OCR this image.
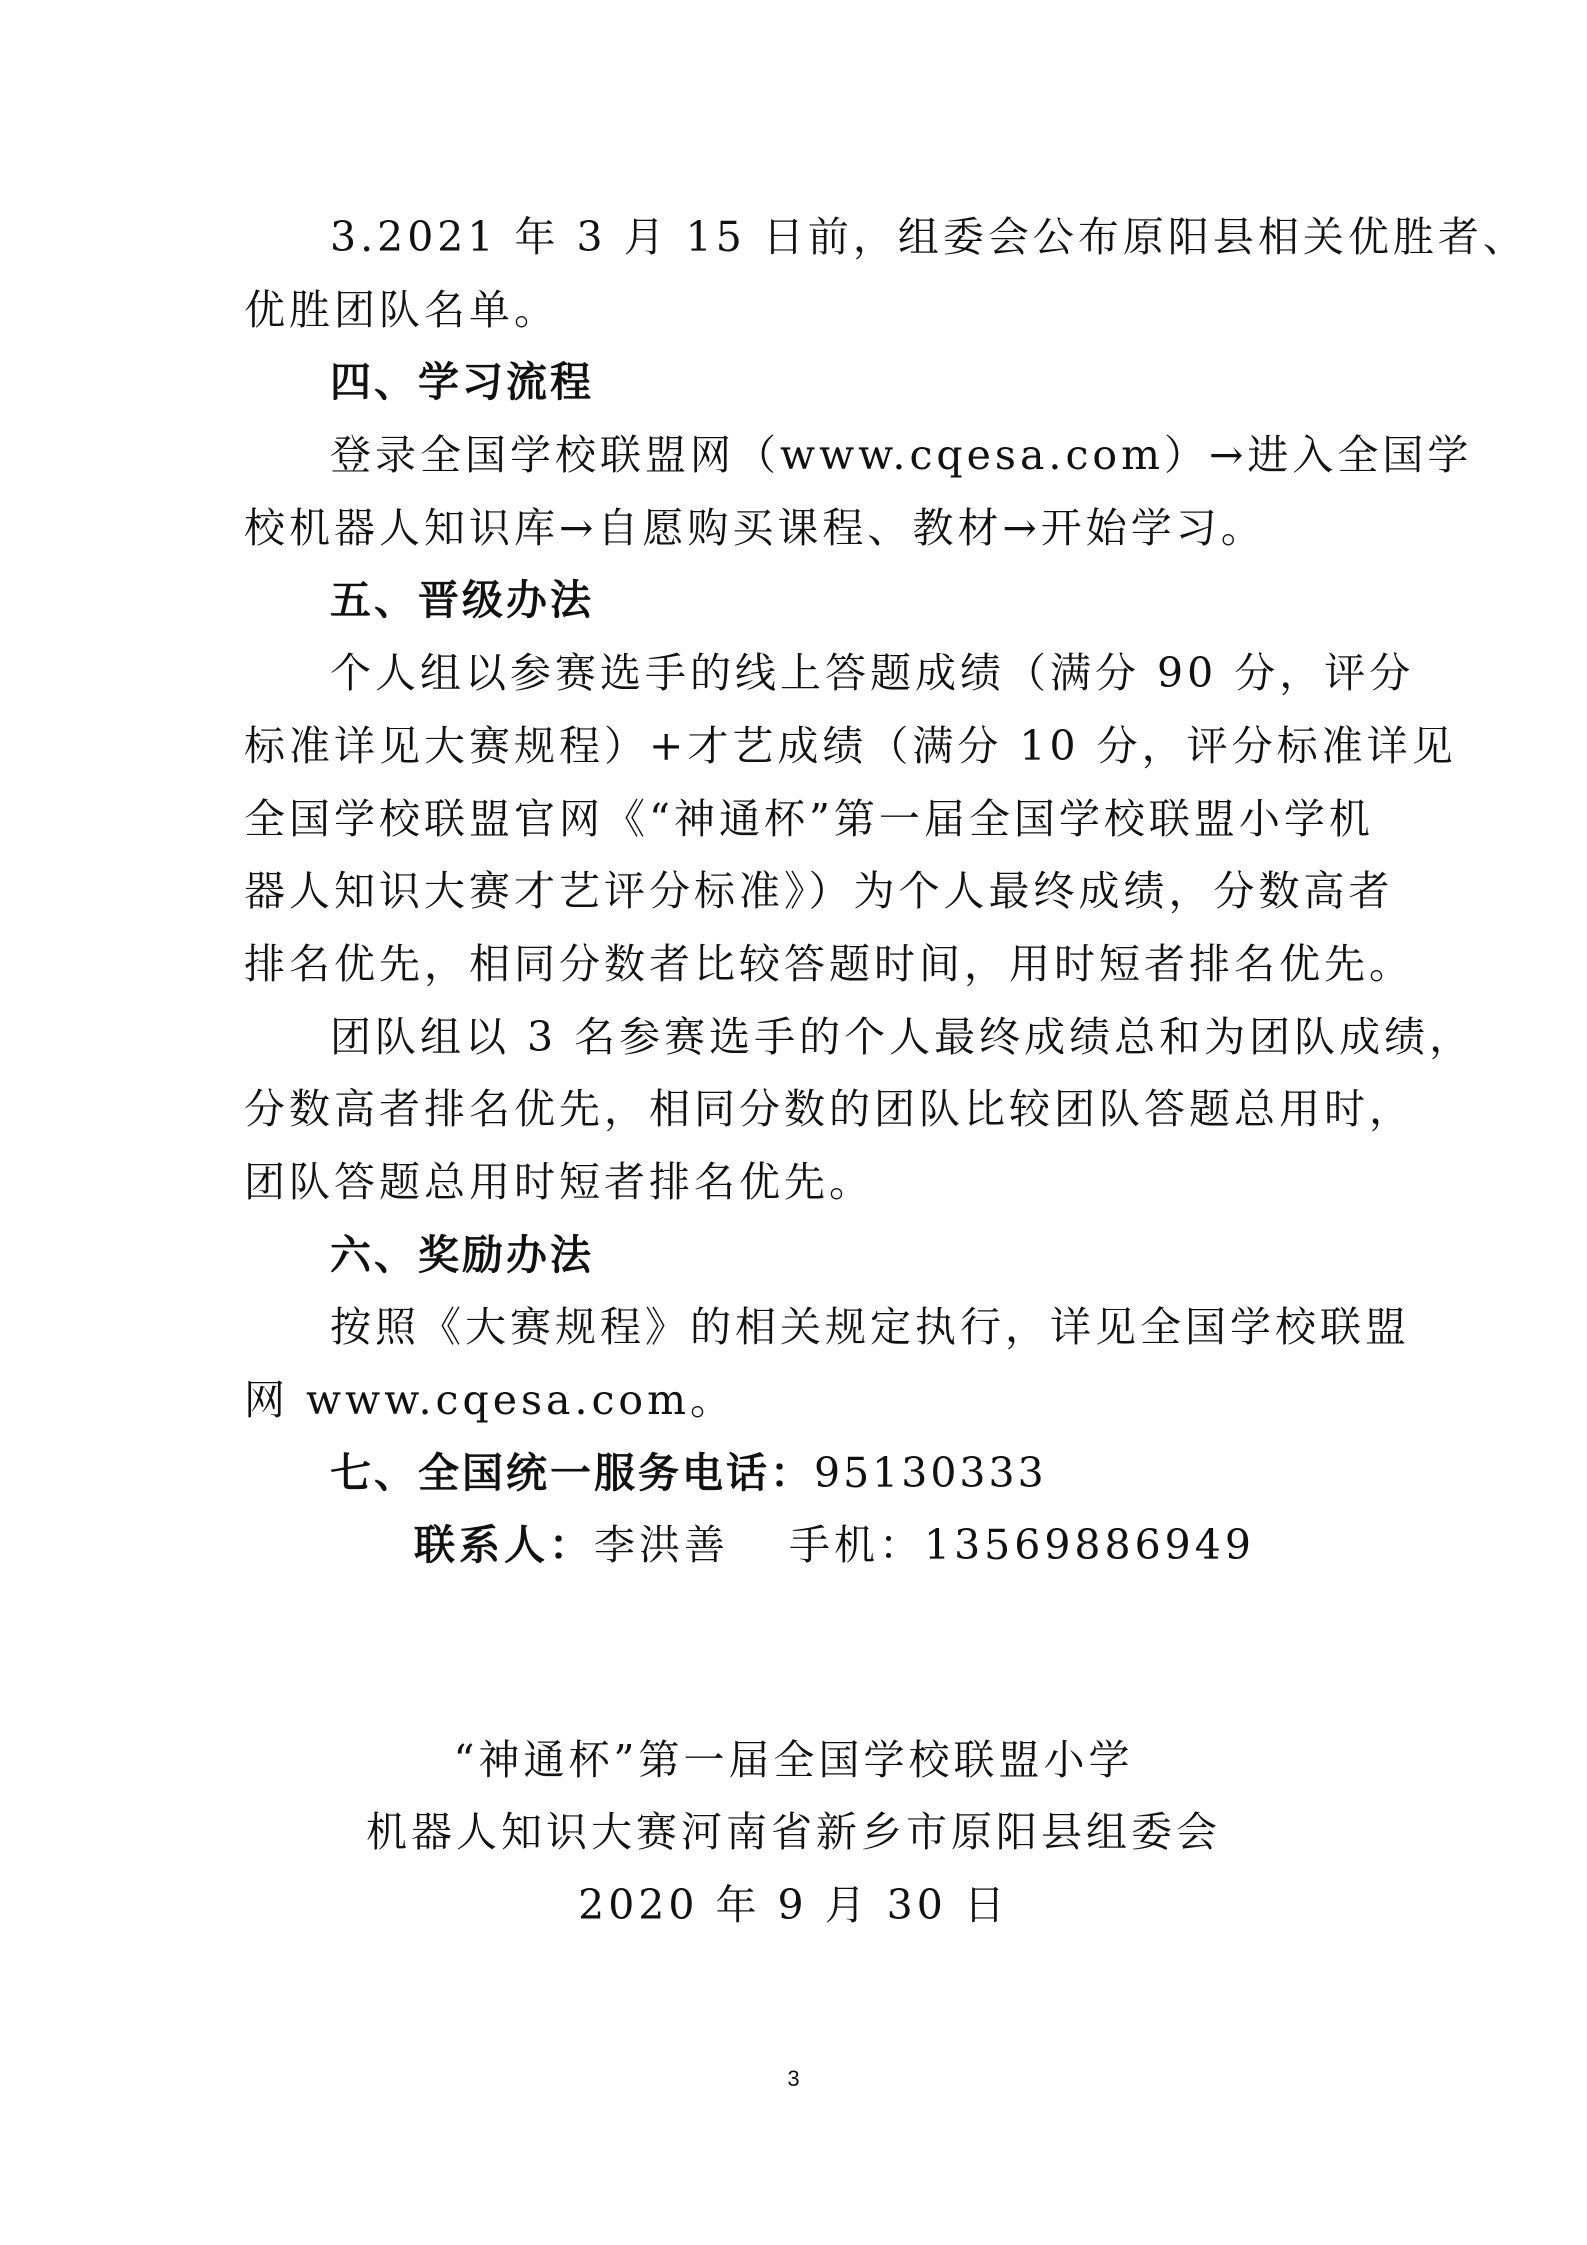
3.2021 年 3 月 15 日前，组委会公布原阳县相关优胜者、
优胜团队名单。
四、学习流程
登录全国学校联盟网（www.cqesa.com）→进入全国学
校机器人知识库→自愿购买课程、教材→开始学习。
五、晋级办法
个人组以参赛选手的线上答题成绩（满分 90 分，评分
标准详见大赛规程）+才艺成绩（满分 10 分，评分标准详见
全国学校联盟官网《“神通杯”第一届全国学校联盟小学机
器人知识大赛才艺评分标准》）为个人最终成绩，分数高者
排名优先，相同分数者比较答题时间，用时短者排名优先。
团队组以 3 名参赛选手的个人最终成绩总和为团队成绩，
分数高者排名优先，相同分数的团队比较团队答题总用时，
团队答题总用时短者排名优先。
六、奖励办法
按照《大赛规程》的相关规定执行，详见全国学校联盟
网 www.cqesa.com。
七、全国统一服务电话：95130333
联系人：李洪善 手机：13569886949
“神通杯”第一届全国学校联盟小学
机器人知识大赛河南省新乡市原阳县组委会
2020 年 9 月 30 日
3
